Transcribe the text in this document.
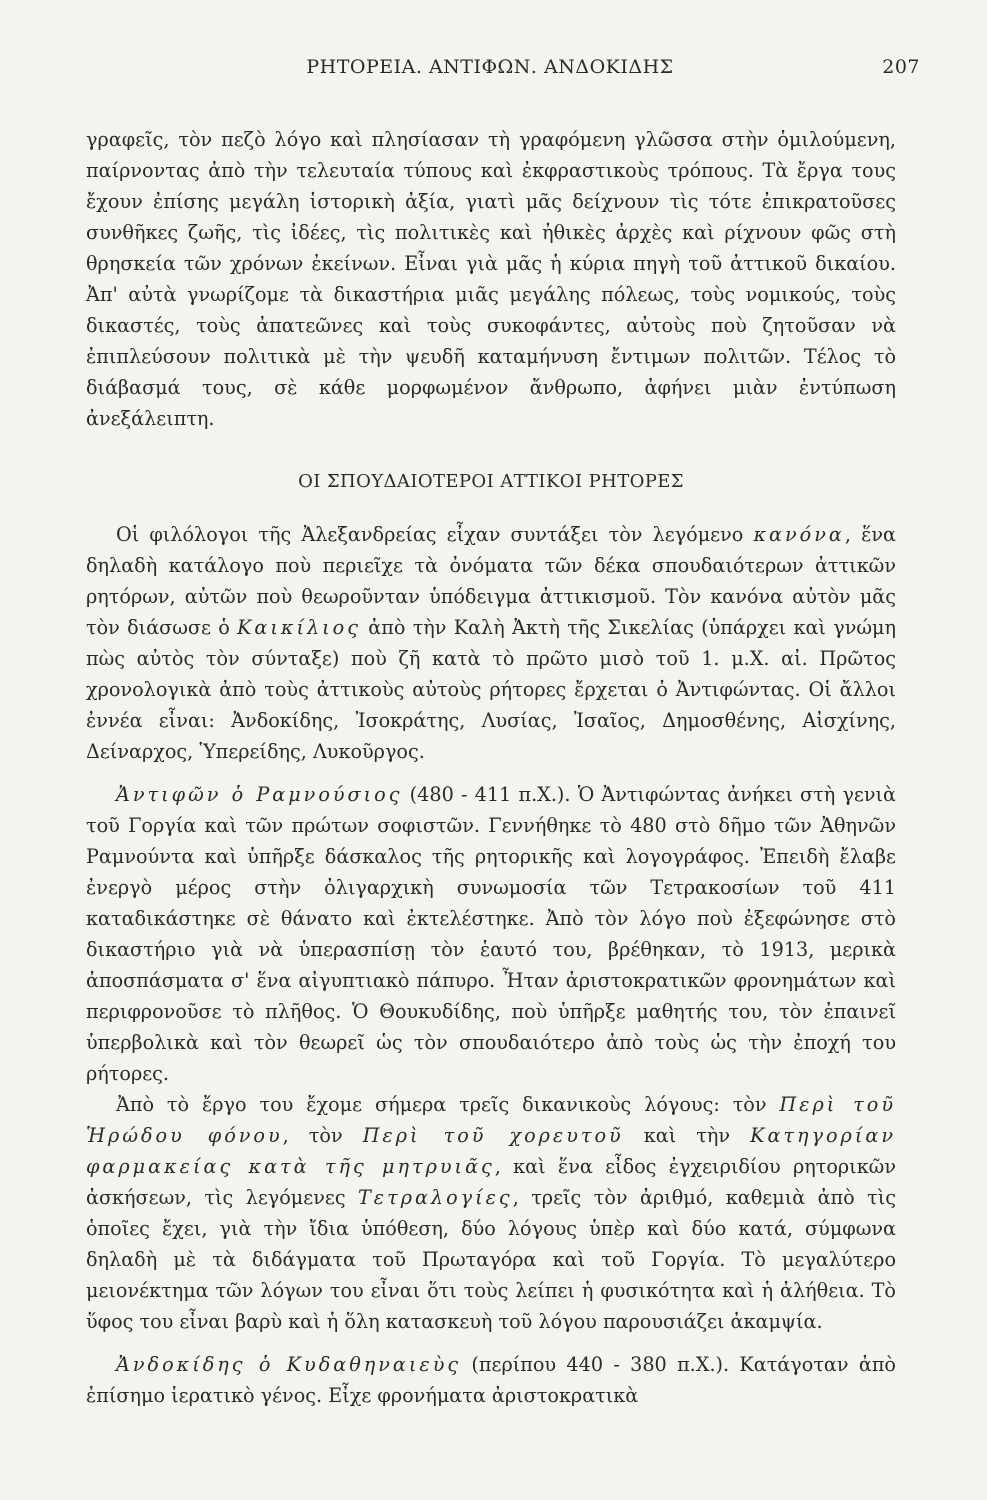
ΡΗΤΟΡΕΙΑ. ΑΝΤΙΦΩΝ. ΑΝΔΟΚΙΔΗΣ	207

γραφεῖς, τὸν πεζὸ λόγο καὶ πλησίασαν τὴ γραφόμενη γλῶσσα στὴν ὁμιλούμενη, παίρνοντας ἀπὸ τὴν τελευταία τύπους καὶ ἐκφραστικοὺς τρόπους. Τὰ ἔργα τους ἔχουν ἐπίσης μεγάλη ἱστορικὴ ἀξία, γιατὶ μᾶς δείχνουν τὶς τότε ἐπικρατοῦσες συνθῆκες ζωῆς, τὶς ἰδέες, τὶς πολιτικὲς καὶ ἠθικὲς ἀρχὲς καὶ ρίχνουν φῶς στὴ θρησκεία τῶν χρόνων ἐκείνων. Εἶναι γιὰ μᾶς ἡ κύρια πηγὴ τοῦ ἀττικοῦ δικαίου. Ἀπ' αὐτὰ γνωρίζομε τὰ δικαστήρια μιᾶς μεγάλης πόλεως, τοὺς νομικούς, τοὺς δικαστές, τοὺς ἀπατεῶνες καὶ τοὺς συκοφάντες, αὐτοὺς ποὺ ζητοῦσαν νὰ ἐπιπλεύσουν πολιτικὰ μὲ τὴν ψευδῆ καταμήνυση ἔντιμων πολιτῶν. Τέλος τὸ διάβασμά τους, σὲ κάθε μορφωμένον ἄνθρωπο, ἀφήνει μιὰν ἐντύπωση ἀνεξάλειπτη.

ΟΙ ΣΠΟΥΔΑΙΟΤΕΡΟΙ ΑΤΤΙΚΟΙ ΡΗΤΟΡΕΣ

Οἱ φιλόλογοι τῆς Ἀλεξανδρείας εἶχαν συντάξει τὸν λεγόμενο κανόνα, ἕνα δηλαδὴ κατάλογο ποὺ περιεῖχε τὰ ὀνόματα τῶν δέκα σπουδαιότερων ἀττικῶν ρητόρων, αὐτῶν ποὺ θεωροῦνταν ὑπόδειγμα ἀττικισμοῦ. Τὸν κανόνα αὐτὸν μᾶς τὸν διάσωσε ὁ Καικίλιος ἀπὸ τὴν Καλὴ Ἀκτὴ τῆς Σικελίας (ὑπάρχει καὶ γνώμη πὼς αὐτὸς τὸν σύνταξε) ποὺ ζῆ κατὰ τὸ πρῶτο μισὸ τοῦ 1. μ.Χ. αἰ. Πρῶτος χρονολογικὰ ἀπὸ τοὺς ἀττικοὺς αὐτοὺς ρήτορες ἔρχεται ὁ Ἀντιφώντας. Οἱ ἄλλοι ἐννέα εἶναι: Ἀνδοκίδης, Ἰσοκράτης, Λυσίας, Ἰσαῖος, Δημοσθένης, Αἰσχίνης, Δείναρχος, Ὑπερείδης, Λυκοῦργος.

Ἀντιφῶν ὁ Ραμνούσιος (480 - 411 π.Χ.). Ὁ Ἀντιφώντας ἀνήκει στὴ γενιὰ τοῦ Γοργία καὶ τῶν πρώτων σοφιστῶν. Γεννήθηκε τὸ 480 στὸ δῆμο τῶν Ἀθηνῶν Ραμνούντα καὶ ὑπῆρξε δάσκαλος τῆς ρητορικῆς καὶ λογογράφος. Ἐπειδὴ ἔλαβε ἐνεργὸ μέρος στὴν ὀλιγαρχικὴ συνωμοσία τῶν Τετρακοσίων τοῦ 411 καταδικάστηκε σὲ θάνατο καὶ ἐκτελέστηκε. Ἀπὸ τὸν λόγο ποὺ ἐξεφώνησε στὸ δικαστήριο γιὰ νὰ ὑπερασπίσῃ τὸν ἑαυτό του, βρέθηκαν, τὸ 1913, μερικὰ ἀποσπάσματα σ' ἕνα αἰγυπτιακὸ πάπυρο. Ἦταν ἀριστοκρατικῶν φρονημάτων καὶ περιφρονοῦσε τὸ πλῆθος. Ὁ Θουκυδίδης, ποὺ ὑπῆρξε μαθητής του, τὸν ἐπαινεῖ ὑπερβολικὰ καὶ τὸν θεωρεῖ ὡς τὸν σπουδαιότερο ἀπὸ τοὺς ὡς τὴν ἐποχή του ρήτορες.

Ἀπὸ τὸ ἔργο του ἔχομε σήμερα τρεῖς δικανικοὺς λόγους: τὸν Περὶ τοῦ Ἡρώδου φόνου, τὸν Περὶ τοῦ χορευτοῦ καὶ τὴν Κατηγορίαν φαρμακείας κατὰ τῆς μητρυιᾶς, καὶ ἕνα εἶδος ἐγχειριδίου ρητορικῶν ἀσκήσεων, τὶς λεγόμενες Τετραλογίες, τρεῖς τὸν ἀριθμό, καθεμιὰ ἀπὸ τὶς ὁποῖες ἔχει, γιὰ τὴν ἴδια ὑπόθεση, δύο λόγους ὑπὲρ καὶ δύο κατά, σύμφωνα δηλαδὴ μὲ τὰ διδάγματα τοῦ Πρωταγόρα καὶ τοῦ Γοργία. Τὸ μεγαλύτερο μειονέκτημα τῶν λόγων του εἶναι ὅτι τοὺς λείπει ἡ φυσικότητα καὶ ἡ ἀλήθεια. Τὸ ὕφος του εἶναι βαρὺ καὶ ἡ ὅλη κατασκευὴ τοῦ λόγου παρουσιάζει ἀκαμψία.

Ἀνδοκίδης ὁ Κυδαθηναιεὺς (περίπου 440 - 380 π.Χ.). Κατάγοταν ἀπὸ ἐπίσημο ἱερατικὸ γένος. Εἶχε φρονήματα ἀριστοκρατικὰ
